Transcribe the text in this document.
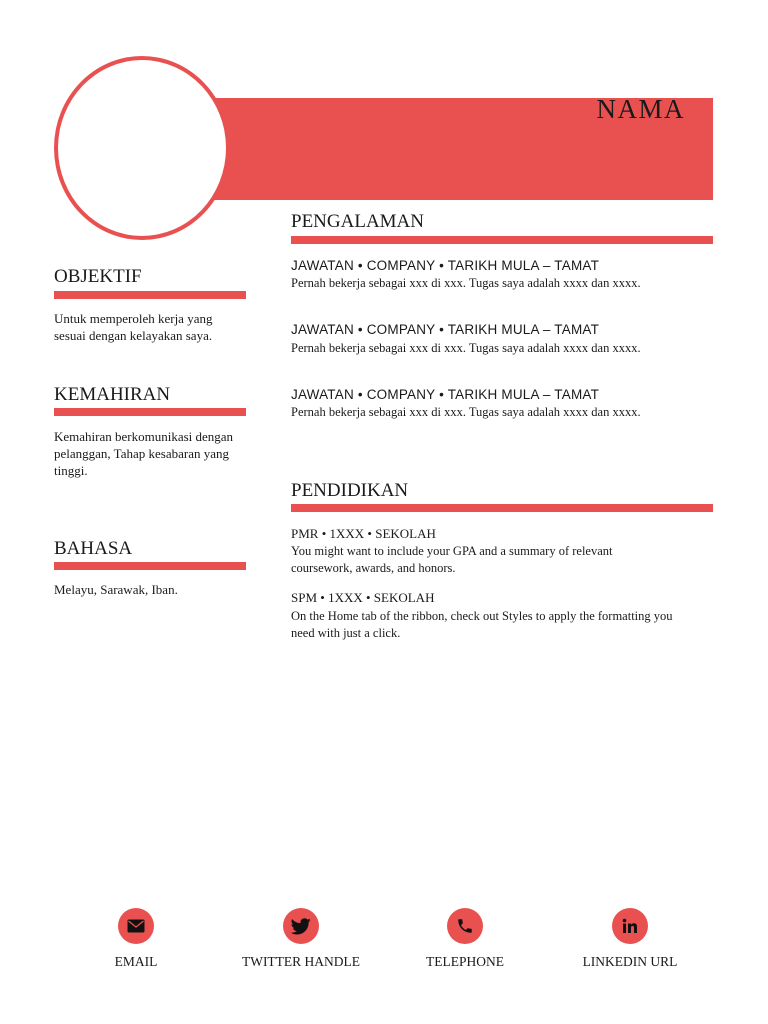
NAMA
OBJEKTIF
Untuk memperoleh kerja yang
sesuai dengan kelayakan saya.
KEMAHIRAN
Kemahiran berkomunikasi dengan
pelanggan, Tahap kesabaran yang
tinggi.
BAHASA
Melayu, Sarawak, Iban.
PENGALAMAN
JAWATAN • COMPANY • TARIKH MULA – TAMAT
Pernah bekerja sebagai xxx di xxx. Tugas saya adalah xxxx dan xxxx.
JAWATAN • COMPANY • TARIKH MULA – TAMAT
Pernah bekerja sebagai xxx di xxx. Tugas saya adalah xxxx dan xxxx.
JAWATAN • COMPANY • TARIKH MULA – TAMAT
Pernah bekerja sebagai xxx di xxx. Tugas saya adalah xxxx dan xxxx.
PENDIDIKAN
PMR • 1XXX • SEKOLAH
You might want to include your GPA and a summary of relevant
coursework, awards, and honors.
SPM • 1XXX • SEKOLAH
On the Home tab of the ribbon, check out Styles to apply the formatting you
need with just a click.
EMAIL	TWITTER HANDLE	TELEPHONE	LINKEDIN URL
